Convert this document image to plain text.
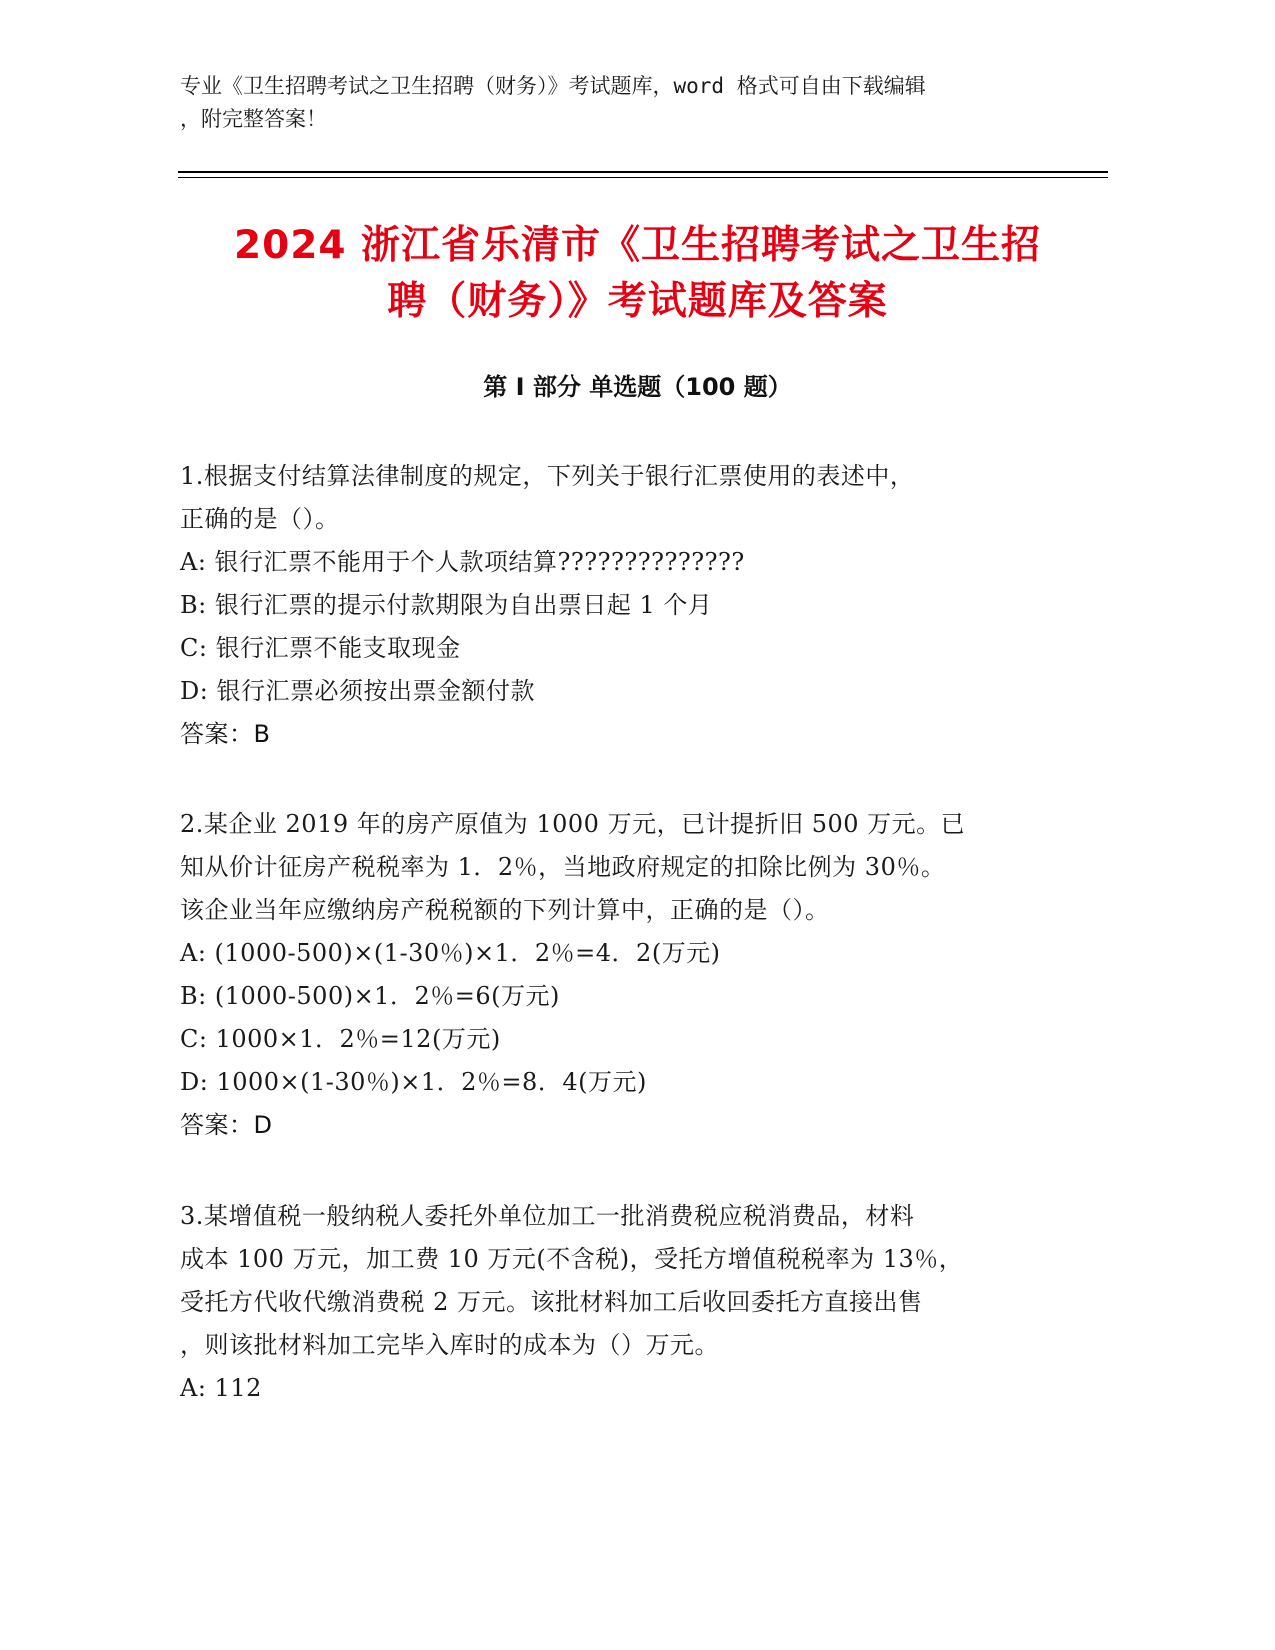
专业《卫生招聘考试之卫生招聘（财务）》考试题库，word 格式可自由下载编辑
，附完整答案！
2024 浙江省乐清市《卫生招聘考试之卫生招
聘（财务）》考试题库及答案
第 I 部分 单选题（100 题）

1.根据支付结算法律制度的规定，下列关于银行汇票使用的表述中，

正确的是（）。

A: 银行汇票不能用于个人款项结算??????????????

B: 银行汇票的提示付款期限为自出票日起 1 个月

C: 银行汇票不能支取现金

D: 银行汇票必须按出票金额付款

答案：B

2.某企业 2019 年的房产原值为 1000 万元，已计提折旧 500 万元。已

知从价计征房产税税率为 1．2％，当地政府规定的扣除比例为 30％。

该企业当年应缴纳房产税税额的下列计算中，正确的是（）。

A: (1000-500)×(1-30％)×1．2％=4．2(万元)

B: (1000-500)×1．2％=6(万元)

C: 1000×1．2％=12(万元)

D: 1000×(1-30％)×1．2％=8．4(万元)

答案：D

3.某增值税一般纳税人委托外单位加工一批消费税应税消费品，材料

成本 100 万元，加工费 10 万元(不含税)，受托方增值税税率为 13％，

受托方代收代缴消费税 2 万元。该批材料加工后收回委托方直接出售

，则该批材料加工完毕入库时的成本为（）万元。

A: 112
